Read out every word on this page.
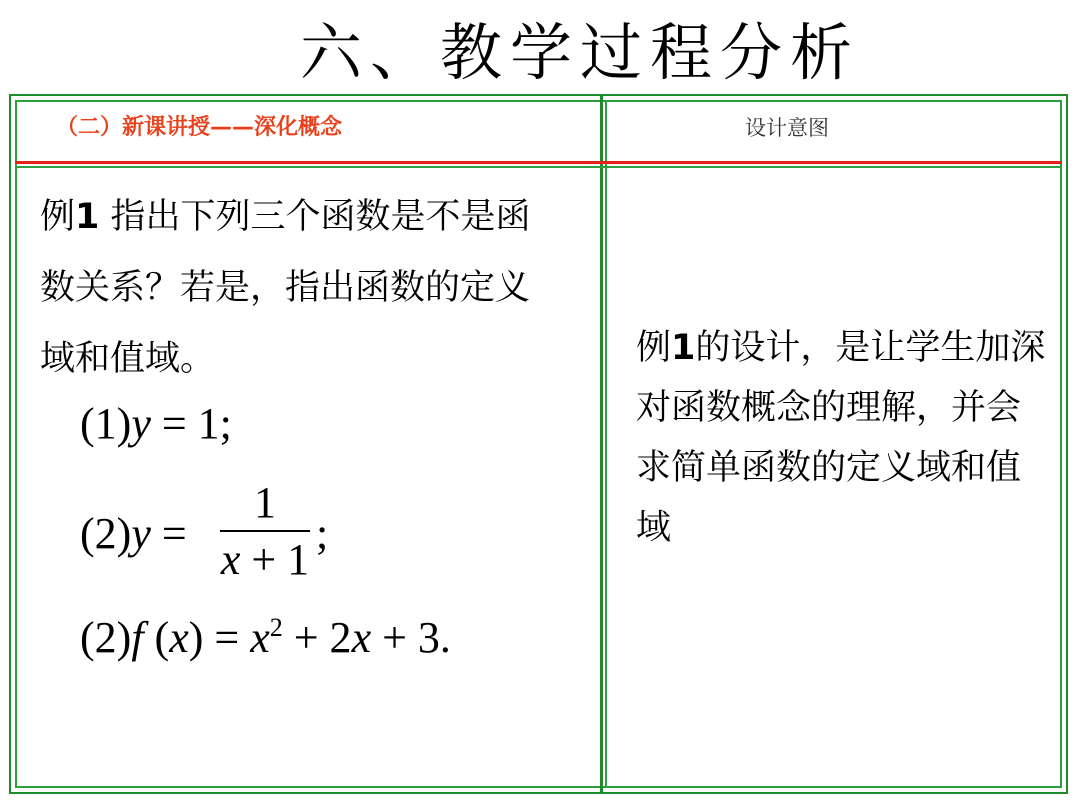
六、教学过程分析
（二）新课讲授——深化概念	设计意图
例1 指出下列三个函数是不是函数关系？若是，指出函数的定义域和值域。
(1)y = 1;
(2)y =
1
x + 1
;
(2)f $(x) = x^2 + 2x + 3$.
例1的设计，是让学生加深对函数概念的理解，并会求简单函数的定义域和值域
